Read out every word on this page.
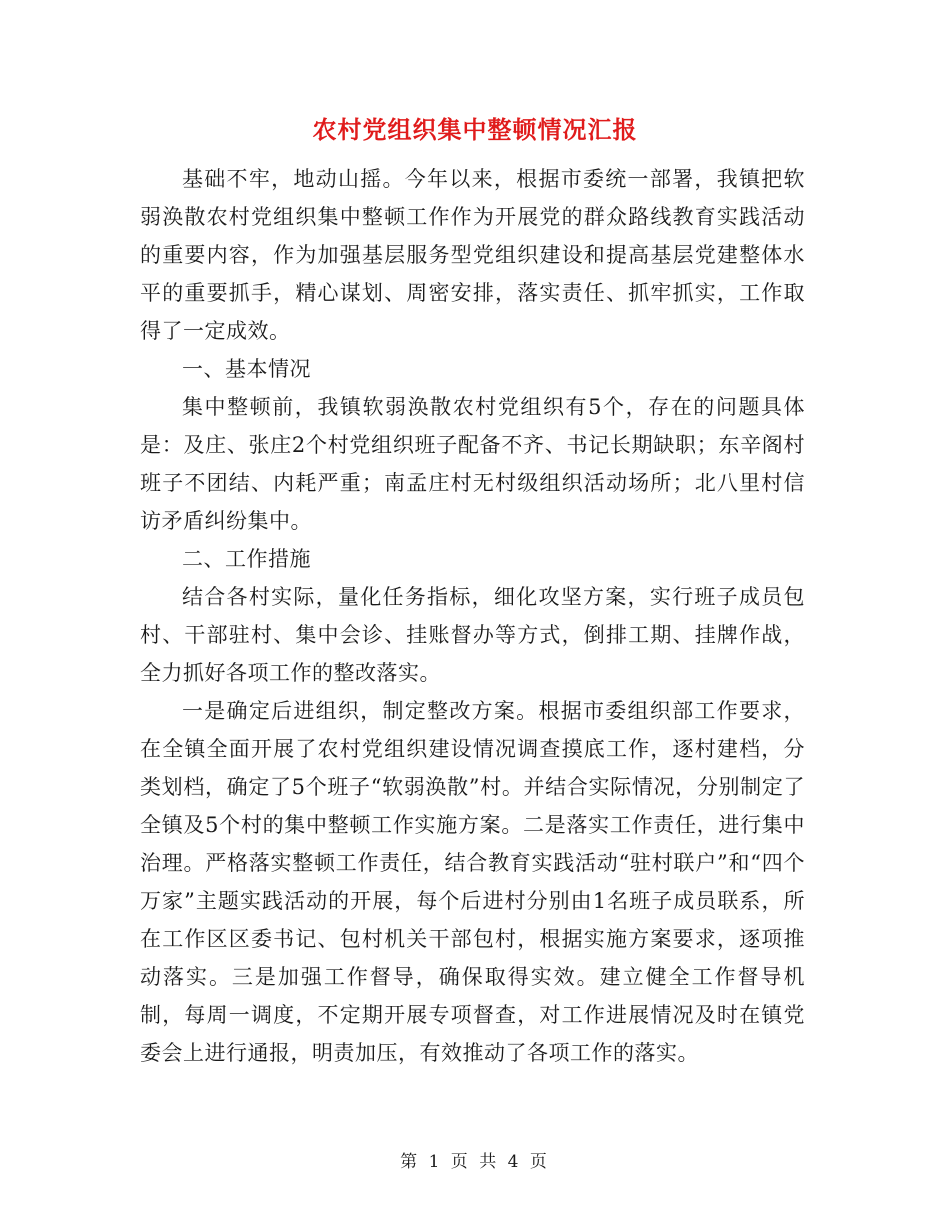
农村党组织集中整顿情况汇报

基础不牢，地动山摇。今年以来，根据市委统一部署，我镇把软弱涣散农村党组织集中整顿工作作为开展党的群众路线教育实践活动的重要内容，作为加强基层服务型党组织建设和提高基层党建整体水平的重要抓手，精心谋划、周密安排，落实责任、抓牢抓实，工作取得了一定成效。

一、基本情况

集中整顿前，我镇软弱涣散农村党组织有5个，存在的问题具体是：及庄、张庄2个村党组织班子配备不齐、书记长期缺职；东辛阁村班子不团结、内耗严重；南孟庄村无村级组织活动场所；北八里村信访矛盾纠纷集中。

二、工作措施

结合各村实际，量化任务指标，细化攻坚方案，实行班子成员包村、干部驻村、集中会诊、挂账督办等方式，倒排工期、挂牌作战，全力抓好各项工作的整改落实。

一是确定后进组织，制定整改方案。根据市委组织部工作要求，在全镇全面开展了农村党组织建设情况调查摸底工作，逐村建档，分类划档，确定了5个班子“软弱涣散”村。并结合实际情况，分别制定了全镇及5个村的集中整顿工作实施方案。二是落实工作责任，进行集中治理。严格落实整顿工作责任，结合教育实践活动“驻村联户”和“四个万家”主题实践活动的开展，每个后进村分别由1名班子成员联系，所在工作区区委书记、包村机关干部包村，根据实施方案要求，逐项推动落实。三是加强工作督导，确保取得实效。建立健全工作督导机制，每周一调度，不定期开展专项督查，对工作进展情况及时在镇党委会上进行通报，明责加压，有效推动了各项工作的落实。

第 1 页 共 4 页
